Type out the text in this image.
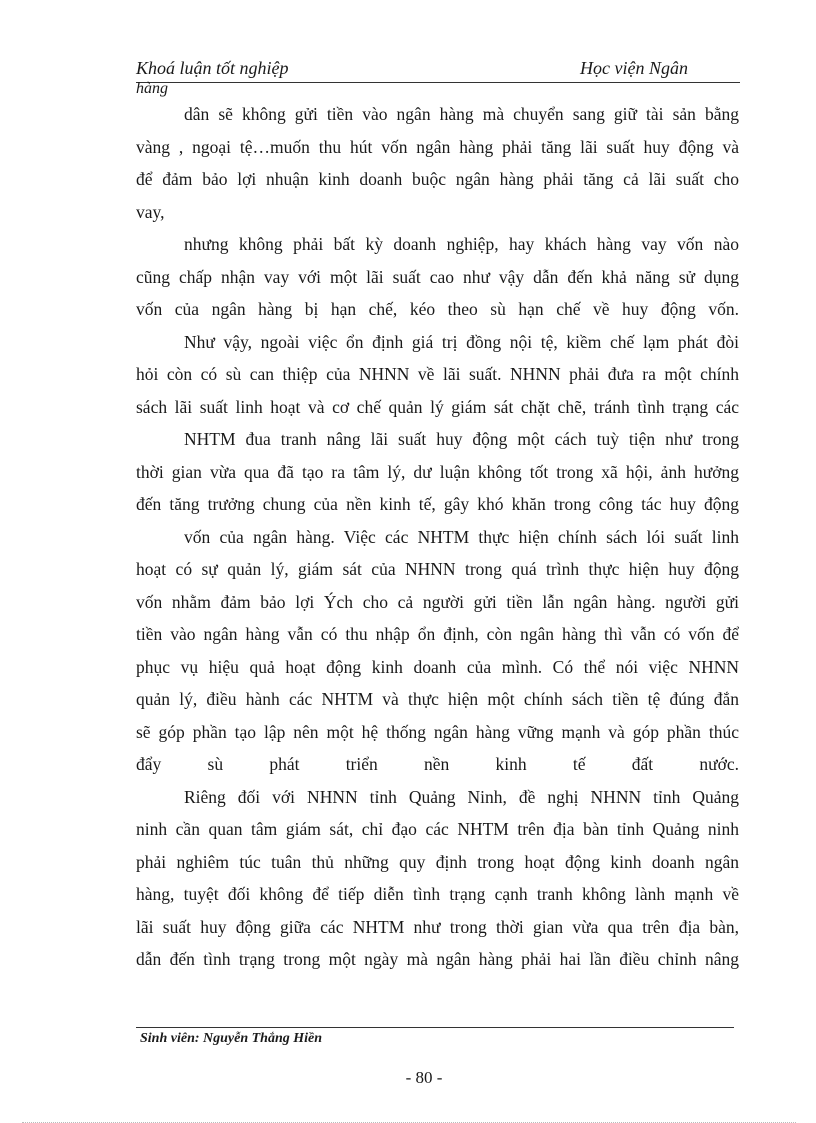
Khoá luận tốt nghiệp	Học viện Ngân
hàng
dân sẽ không gửi tiền vào ngân hàng mà chuyển sang giữ tài sản bằng
vàng , ngoại tệ…muốn thu hút vốn ngân hàng phải tăng lãi suất huy động và
để đảm bảo lợi nhuận kinh doanh buộc ngân hàng phải tăng cả lãi suất cho
vay,
nhưng không phải bất kỳ doanh nghiệp, hay khách hàng vay vốn nào
cũng chấp nhận vay với một lãi suất cao như vậy dẫn đến khả năng sử dụng
vốn của ngân hàng bị hạn chế, kéo theo sù hạn chế về huy động vốn.
Như vậy, ngoài việc ổn định giá trị đồng nội tệ, kiềm chế lạm phát đòi
hỏi còn có sù can thiệp của NHNN về lãi suất. NHNN phải đưa ra một chính
sách lãi suất linh hoạt và cơ chế quản lý giám sát chặt chẽ, tránh tình trạng các
NHTM đua tranh nâng lãi suất huy động một cách tuỳ tiện như trong
thời gian vừa qua đã tạo ra tâm lý, dư luận không tốt trong xã hội, ảnh hưởng
đến tăng trưởng chung của nền kinh tế, gây khó khăn trong công tác huy động
vốn của ngân hàng. Việc các NHTM thực hiện chính sách lói suất linh
hoạt có sự quản lý, giám sát của NHNN trong quá trình thực hiện huy động
vốn nhằm đảm bảo lợi Ých cho cả người gửi tiền lẫn ngân hàng. người gửi
tiền vào ngân hàng vẫn có thu nhập ổn định, còn ngân hàng thì vẫn có vốn để
phục vụ hiệu quả hoạt động kinh doanh của mình. Có thể nói việc NHNN
quản lý, điều hành các NHTM và thực hiện một chính sách tiền tệ đúng đắn
sẽ góp phần tạo lập nên một hệ thống ngân hàng vững mạnh và góp phần thúc
đẩy sù phát triển nền kinh tế đất nước.
Riêng đối với NHNN tỉnh Quảng Ninh, đề nghị NHNN tỉnh Quảng
ninh cần quan tâm giám sát, chỉ đạo các NHTM trên địa bàn tỉnh Quảng ninh
phải nghiêm túc tuân thủ những quy định trong hoạt động kinh doanh ngân
hàng, tuyệt đối không để tiếp diễn tình trạng cạnh tranh không lành mạnh về
lãi suất huy động giữa các NHTM như trong thời gian vừa qua trên địa bàn,
dẫn đến tình trạng trong một ngày mà ngân hàng phải hai lần điều chỉnh nâng
Sinh viên: Nguyễn Thắng Hiền
- 80 -
